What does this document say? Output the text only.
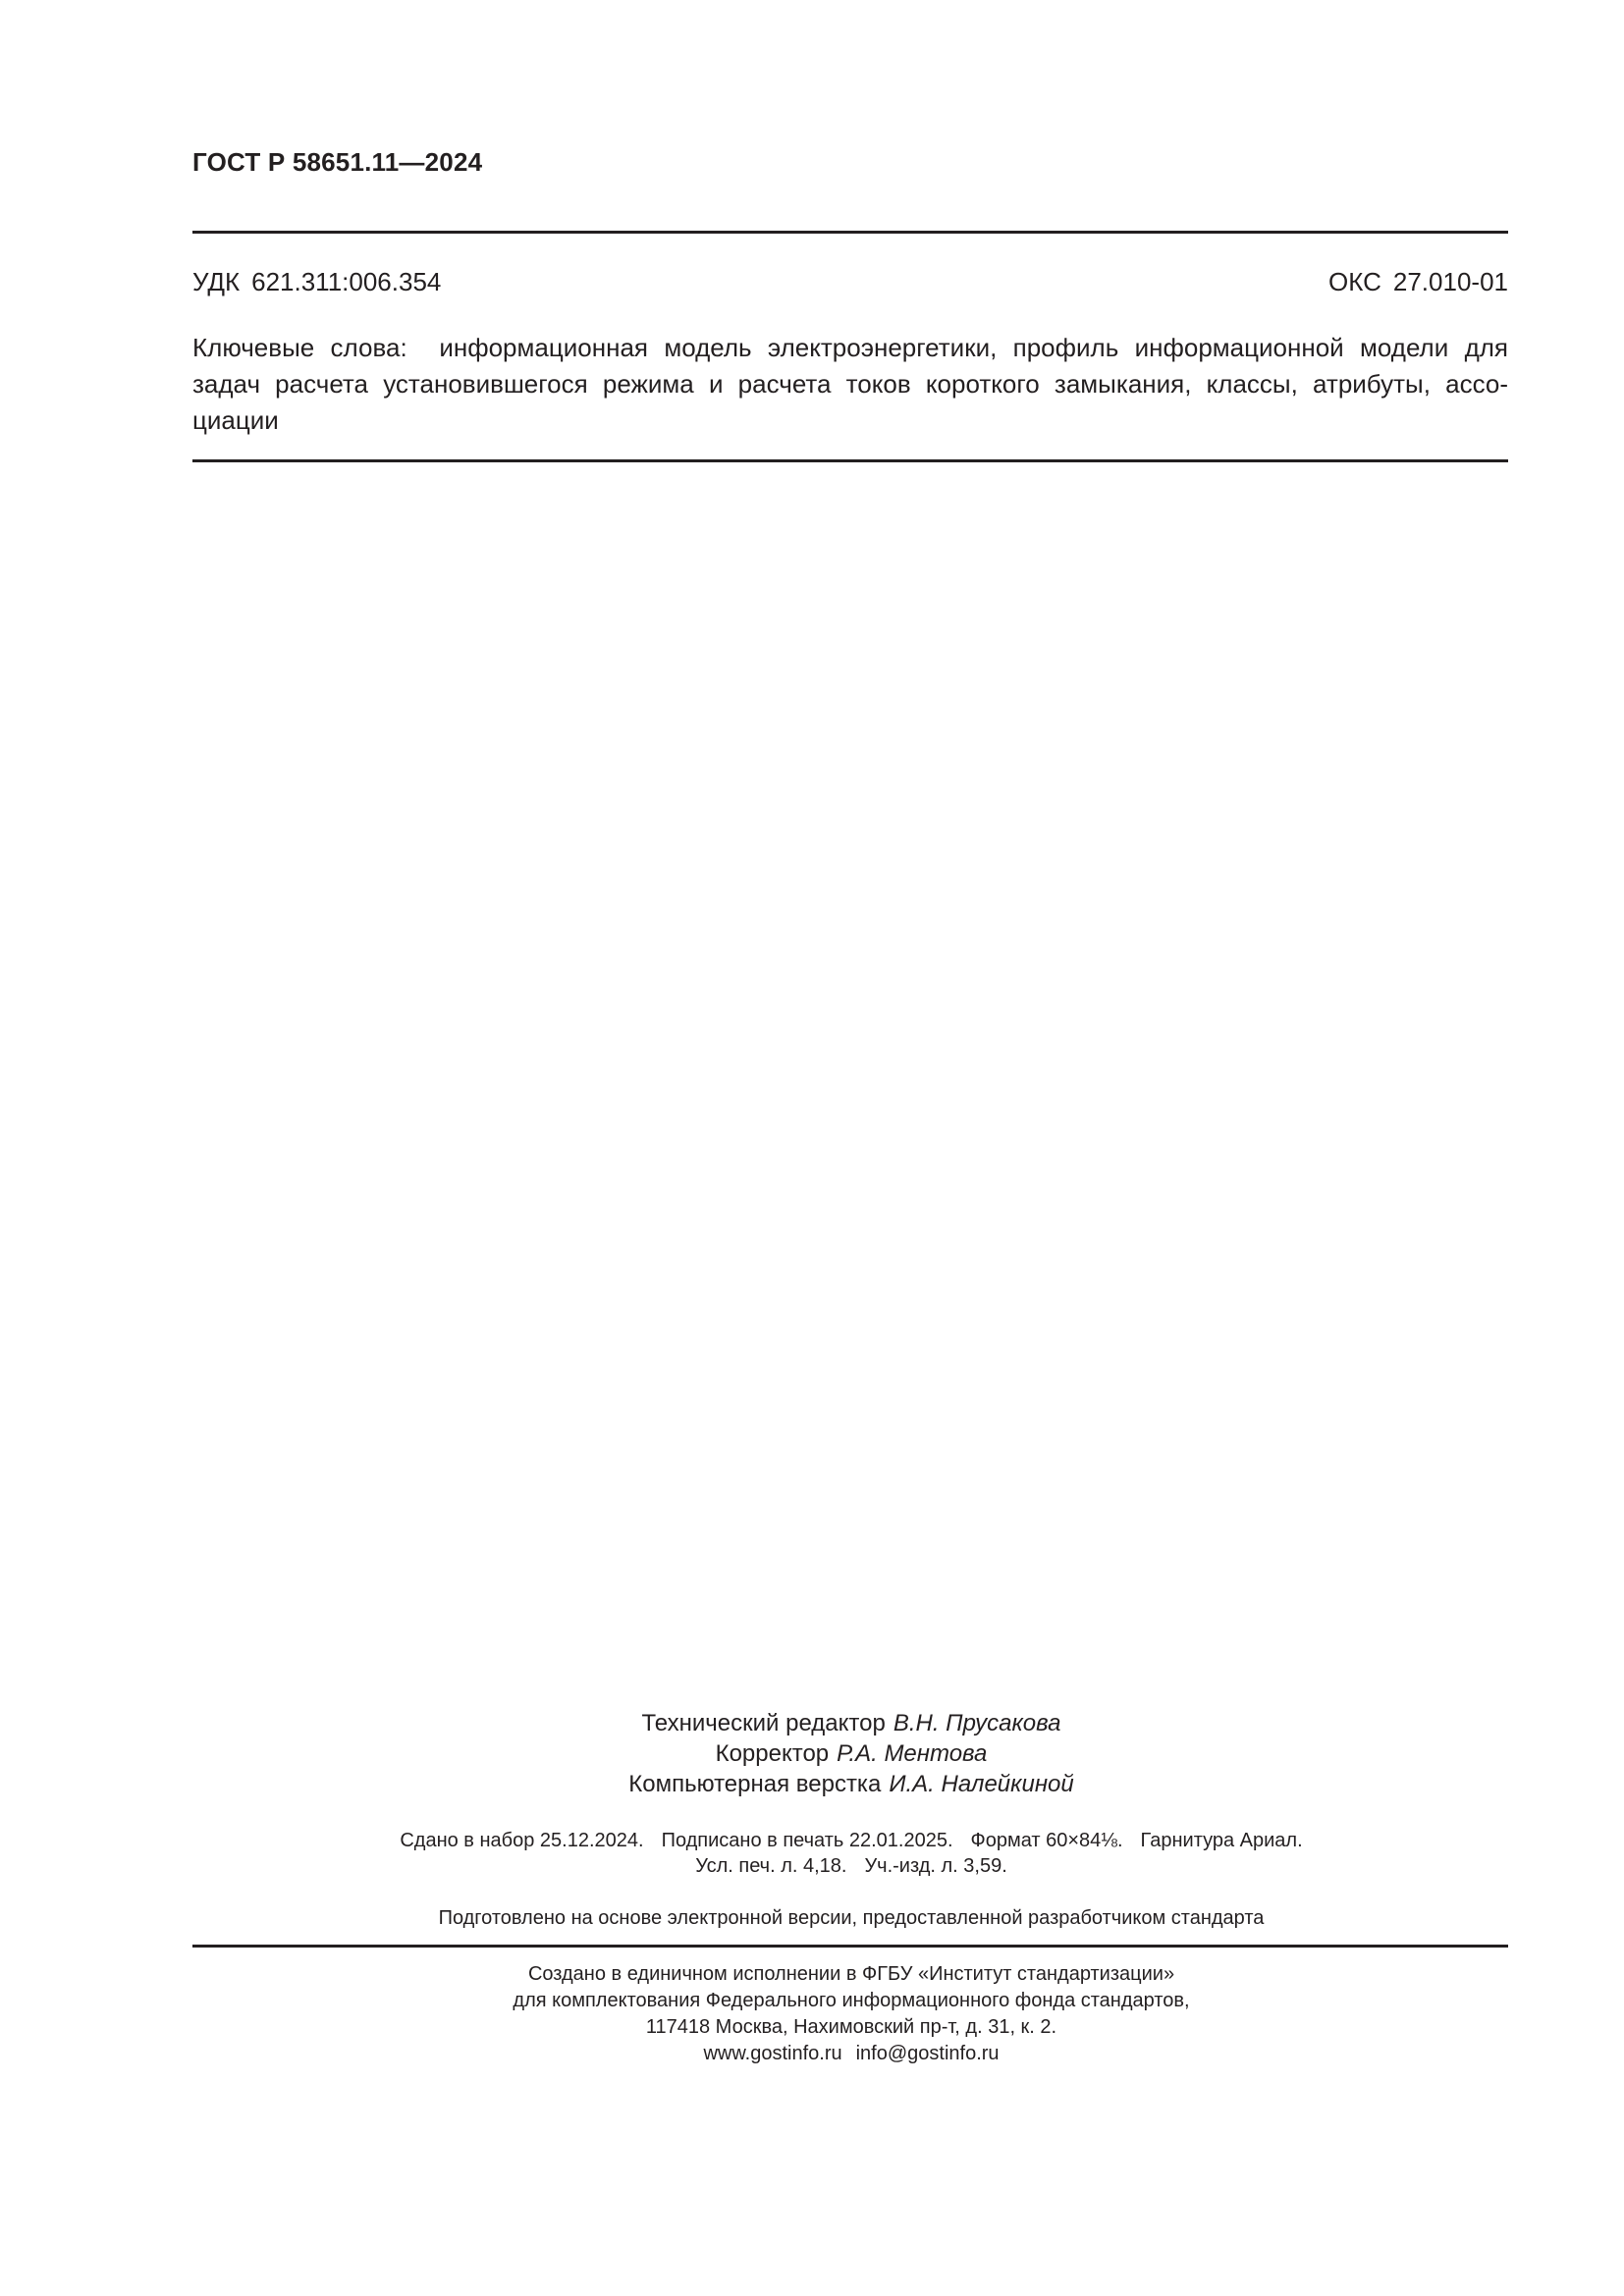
ГОСТ Р 58651.11—2024
УДК 621.311:006.354	ОКС 27.010-01
Ключевые слова: информационная модель электроэнергетики, профиль информационной модели для
задач расчета установившегося режима и расчета токов короткого замыкания, классы, атрибуты, ассо-
циации
Технический редактор В.Н. Прусакова
Корректор Р.А. Ментова
Компьютерная верстка И.А. Налейкиной
Сдано в набор 25.12.2024. Подписано в печать 22.01.2025. Формат 60×84⅛. Гарнитура Ариал.
Усл. печ. л. 4,18. Уч.-изд. л. 3,59.
Подготовлено на основе электронной версии, предоставленной разработчиком стандарта
Создано в единичном исполнении в ФГБУ «Институт стандартизации»
для комплектования Федерального информационного фонда стандартов,
117418 Москва, Нахимовский пр-т, д. 31, к. 2.
www.gostinfo.ru info@gostinfo.ru
